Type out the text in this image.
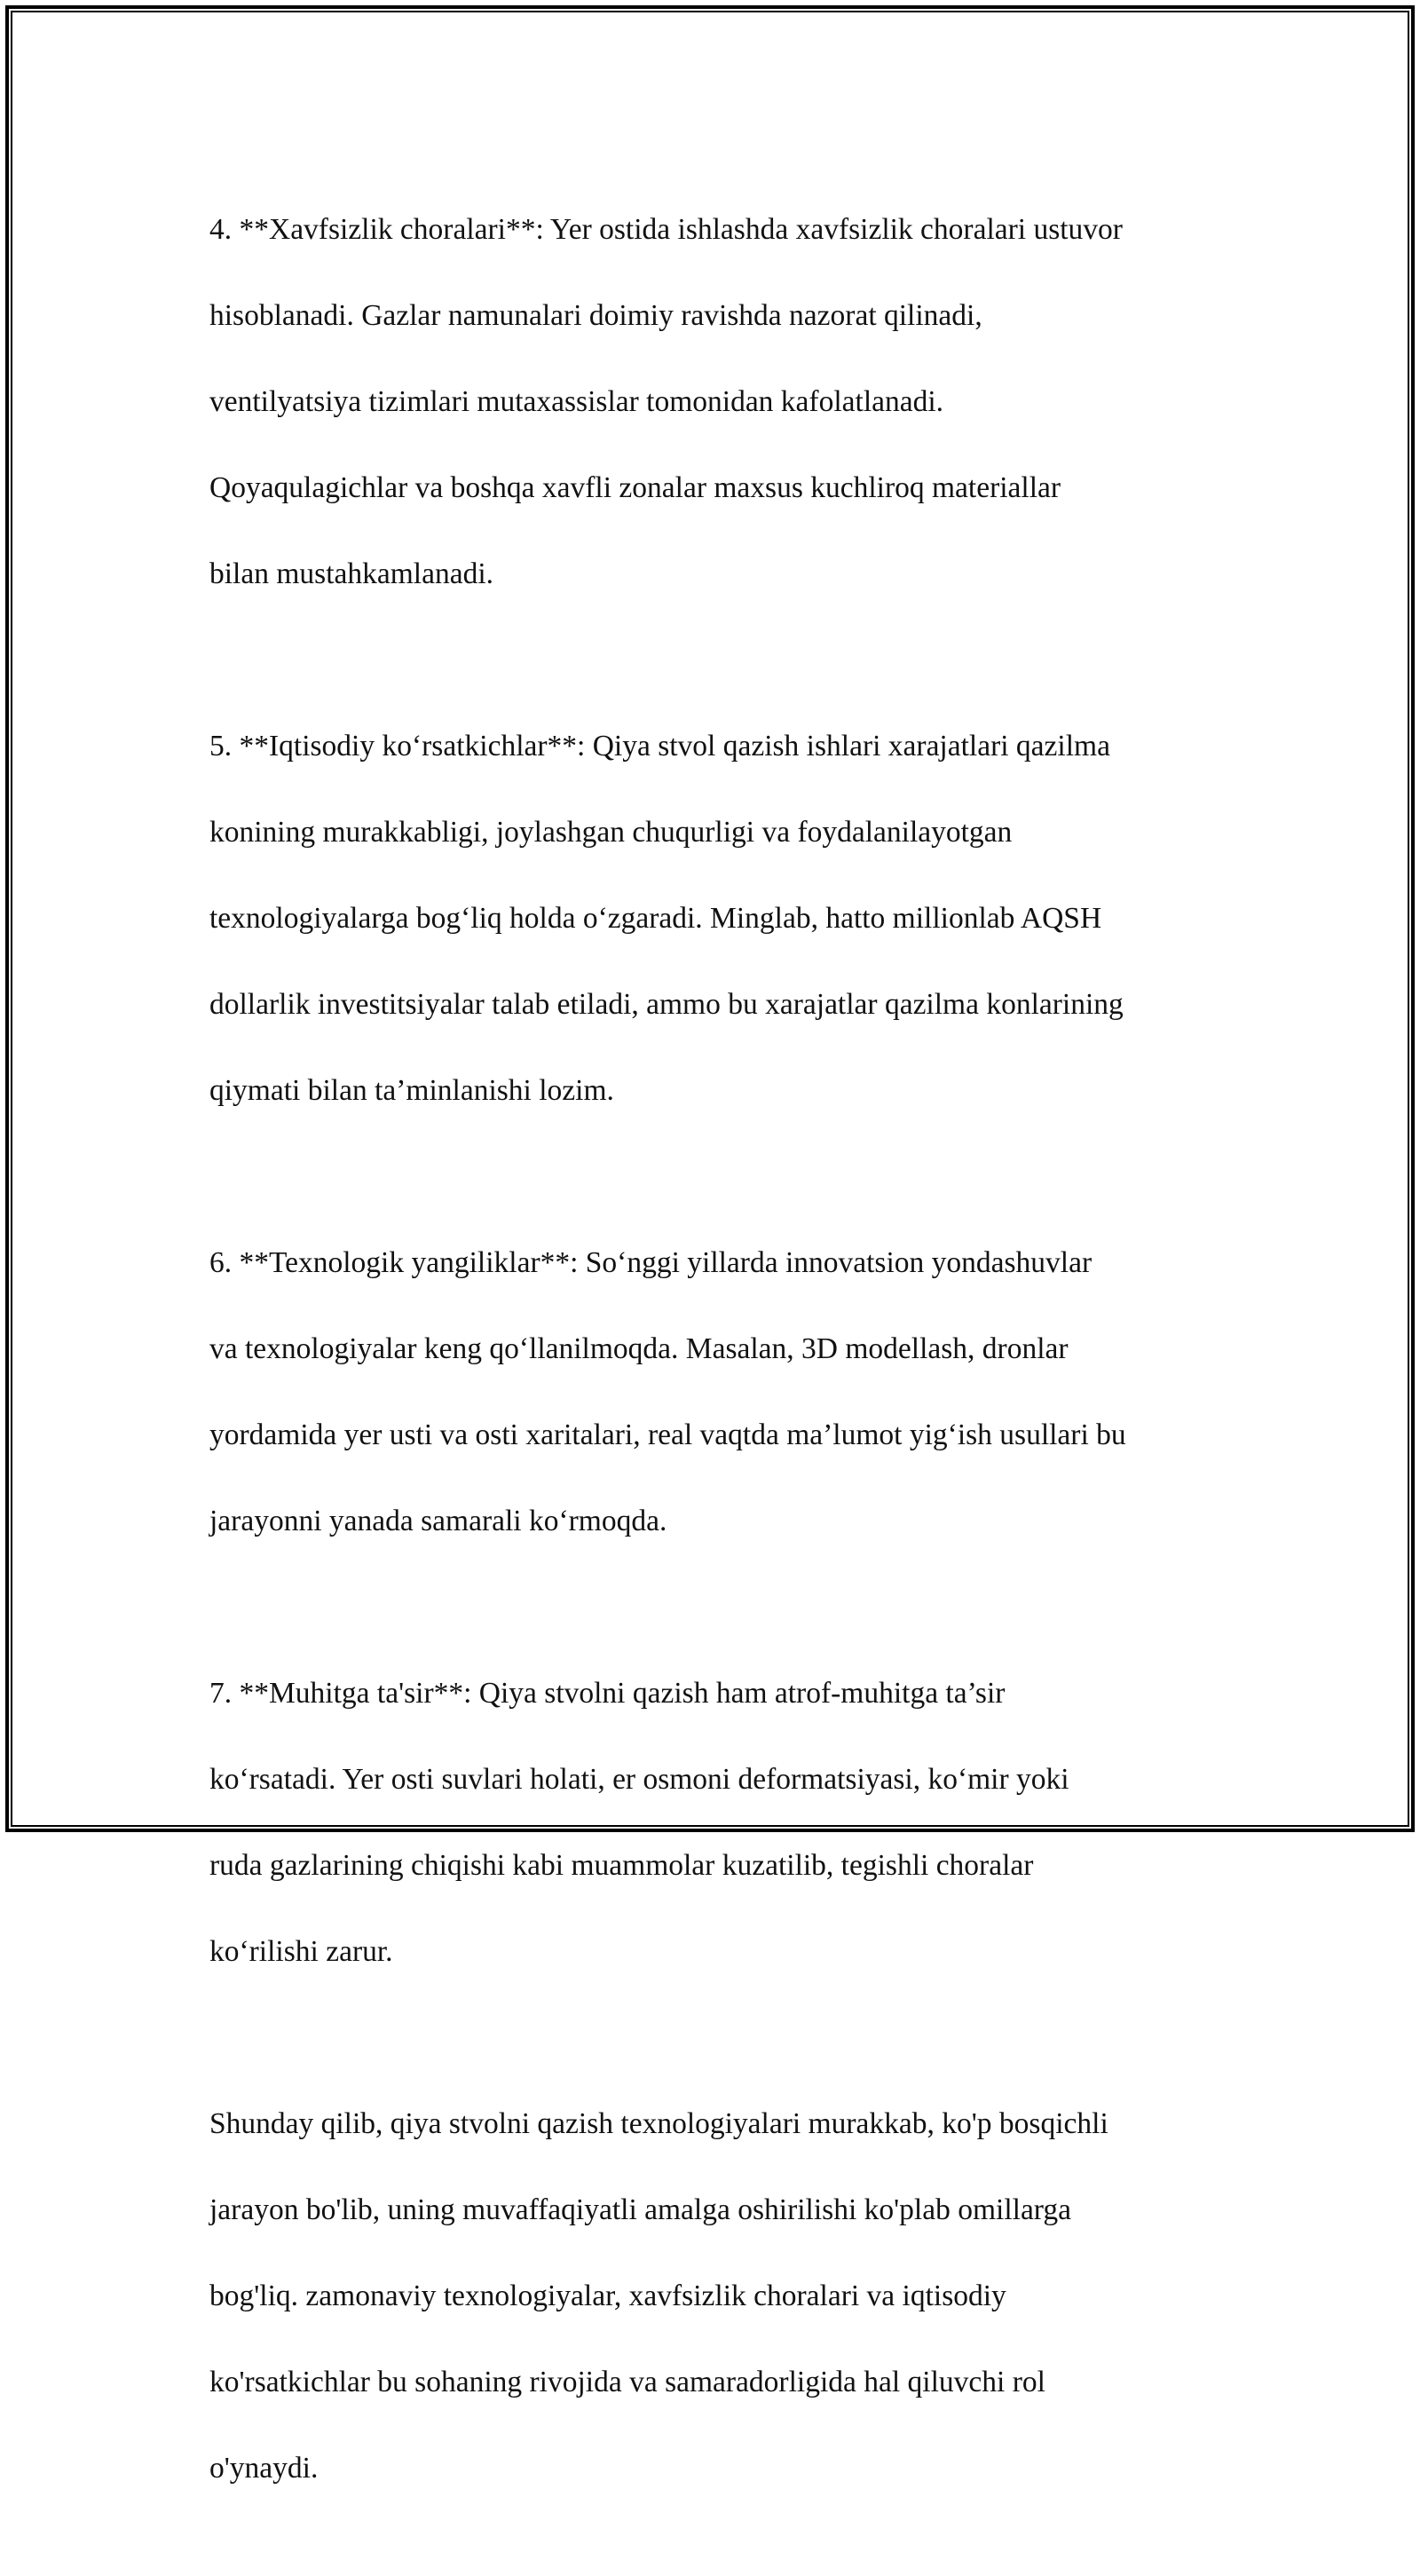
4. **Xavfsizlik choralari**: Yer ostida ishlashda xavfsizlik choralari ustuvor

hisoblanadi. Gazlar namunalari doimiy ravishda nazorat qilinadi,

ventilyatsiya tizimlari mutaxassislar tomonidan kafolatlanadi.

Qoyaqulagichlar va boshqa xavfli zonalar maxsus kuchliroq materiallar

bilan mustahkamlanadi.

5. **Iqtisodiy ko‘rsatkichlar**: Qiya stvol qazish ishlari xarajatlari qazilma

konining murakkabligi, joylashgan chuqurligi va foydalanilayotgan

texnologiyalarga bog‘liq holda o‘zgaradi. Minglab, hatto millionlab AQSH

dollarlik investitsiyalar talab etiladi, ammo bu xarajatlar qazilma konlarining

qiymati bilan ta’minlanishi lozim.

6. **Texnologik yangiliklar**: So‘nggi yillarda innovatsion yondashuvlar

va texnologiyalar keng qo‘llanilmoqda. Masalan, 3D modellash, dronlar

yordamida yer usti va osti xaritalari, real vaqtda ma’lumot yig‘ish usullari bu

jarayonni yanada samarali ko‘rmoqda.

7. **Muhitga ta'sir**: Qiya stvolni qazish ham atrof-muhitga ta’sir

ko‘rsatadi. Yer osti suvlari holati, er osmoni deformatsiyasi, ko‘mir yoki

ruda gazlarining chiqishi kabi muammolar kuzatilib, tegishli choralar

ko‘rilishi zarur.

Shunday qilib, qiya stvolni qazish texnologiyalari murakkab, ko'p bosqichli

jarayon bo'lib, uning muvaffaqiyatli amalga oshirilishi ko'plab omillarga

bog'liq. zamonaviy texnologiyalar, xavfsizlik choralari va iqtisodiy

ko'rsatkichlar bu sohaning rivojida va samaradorligida hal qiluvchi rol

o'ynaydi.
